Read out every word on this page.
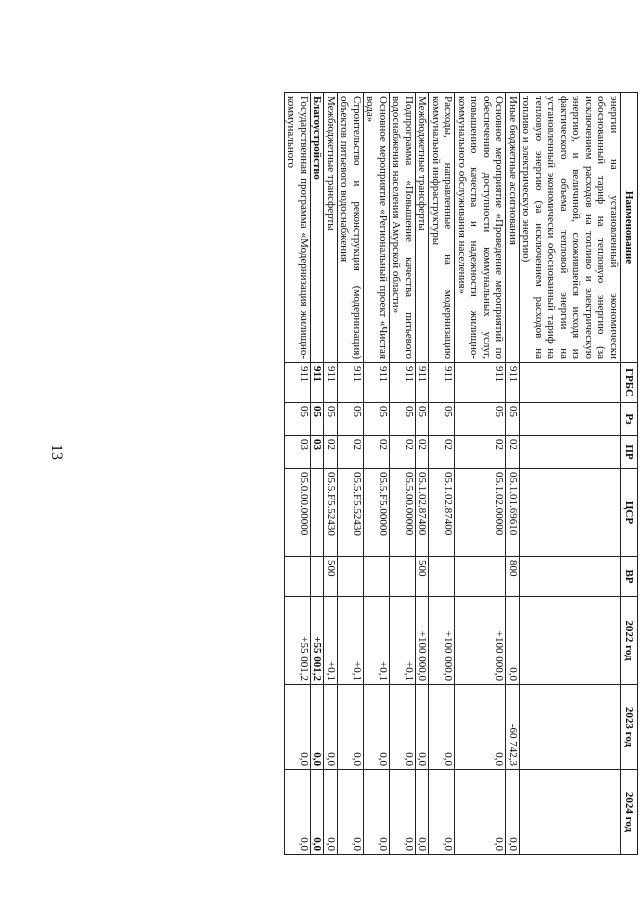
13
Наименование	ГРБС	Рз	ПР	ЦСР	ВР	2022 год	2023 год	2024 год
энергии на установленный экономически обоснованный тариф на тепловую энергию (за исключением расходов на топливо и электрическую энергию), и величиной, сложившейся исходя из фактического объема тепловой энергии на установленный экономически обоснованный тариф на тепловую энергию (за исключением расходов на топливо и электрическую энергию)								
Иные бюджетные ассигнования	911	05	02	05.1.01.69610	800	0,0	-60 742,3	0,0
Основное мероприятие «Проведение мероприятий по обеспечению доступности коммунальных услуг, повышению качества и надежности жилищно-коммунального обслуживания населения»	911	05	02	05.1.02.00000		+100 000,0	0,0	0,0
Расходы, направленные на модернизацию коммунальной инфраструктуры	911	05	02	05.1.02.87400		+100 000,0	0,0	0,0
Межбюджетные трансферты	911	05	02	05.1.02.87400	500	+100 000,0	0,0	0,0
Подпрограмма «Повышение качества питьевого водоснабжения населения Амурской области»	911	05	02	05.5.00.00000		+0,1	0,0	0,0
Основное мероприятие «Региональный проект «Чистая вода»	911	05	02	05.5.F5.00000		+0,1	0,0	0,0
Строительство и реконструкция (модернизация) объектов питьевого водоснабжения	911	05	02	05.5.F5.52430		+0,1	0,0	0,0
Межбюджетные трансферты	911	05	02	05.5.F5.52430	500	+0,1	0,0	0,0
Благоустройство	911	05	03			+55 001,2	0,0	0,0
Государственная программа «Модернизация жилищно-коммунального	911	05	03	05.0.00.00000		+55 001,2	0,0	0,0
